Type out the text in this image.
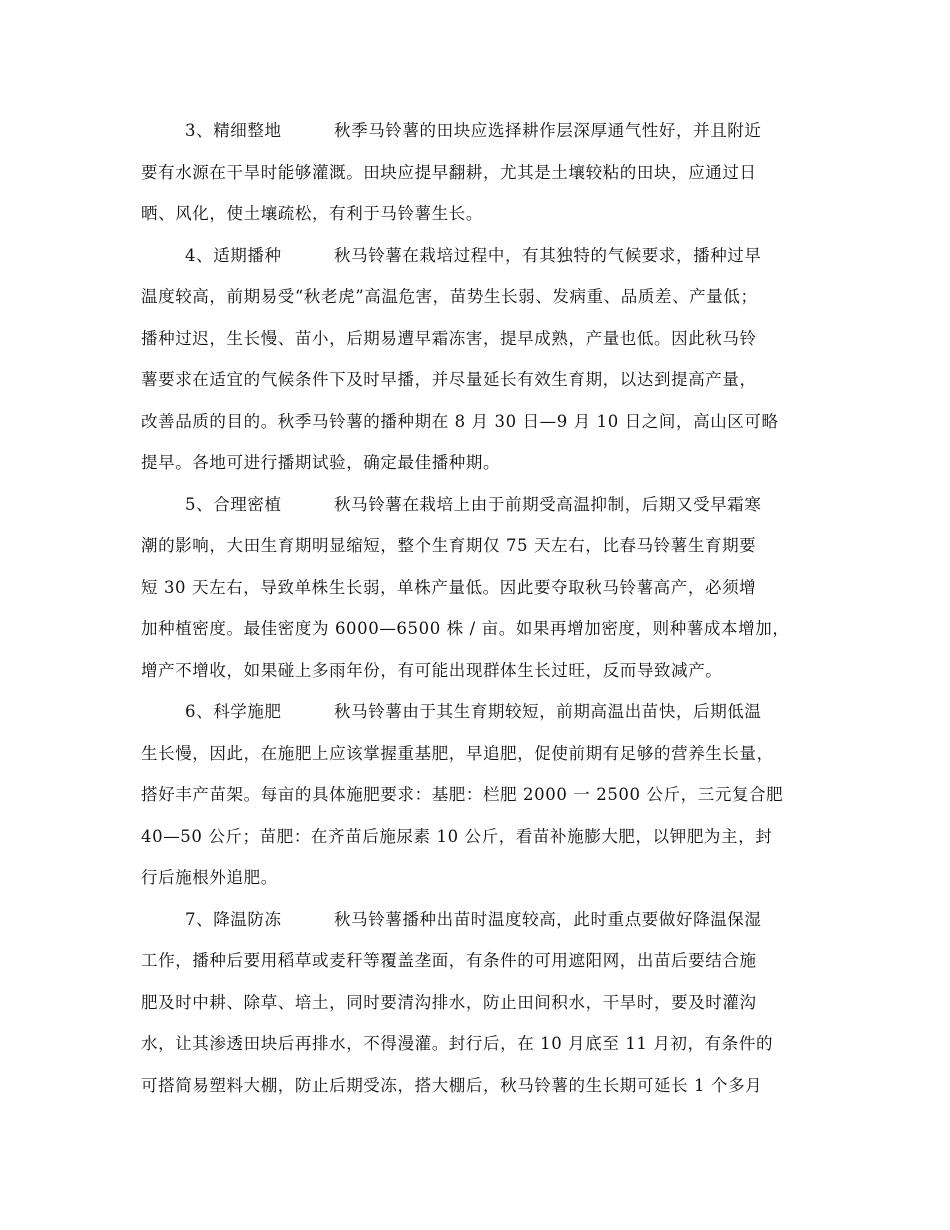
3、精细整地	秋季马铃薯的田块应选择耕作层深厚通气性好，并且附近
要有水源在干旱时能够灌溉。田块应提早翻耕，尤其是土壤较粘的田块，应通过日
晒、风化，使土壤疏松，有利于马铃薯生长。
4、适期播种	秋马铃薯在栽培过程中，有其独特的气候要求，播种过早
温度较高，前期易受“秋老虎”高温危害，苗势生长弱、发病重、品质差、产量低；
播种过迟，生长慢、苗小，后期易遭早霜冻害，提早成熟，产量也低。因此秋马铃
薯要求在适宜的气候条件下及时早播，并尽量延长有效生育期，以达到提高产量，
改善品质的目的。秋季马铃薯的播种期在 8 月 30 日—9 月 10 日之间，高山区可略
提早。各地可进行播期试验，确定最佳播种期。
5、合理密植	秋马铃薯在栽培上由于前期受高温抑制，后期又受早霜寒
潮的影响，大田生育期明显缩短，整个生育期仅 75 天左右，比春马铃薯生育期要
短 30 天左右，导致单株生长弱，单株产量低。因此要夺取秋马铃薯高产，必须增
加种植密度。最佳密度为 6000—6500 株 / 亩。如果再增加密度，则种薯成本增加，
增产不增收，如果碰上多雨年份，有可能出现群体生长过旺，反而导致减产。
6、科学施肥	秋马铃薯由于其生育期较短，前期高温出苗快，后期低温
生长慢，因此，在施肥上应该掌握重基肥，早追肥，促使前期有足够的营养生长量，
搭好丰产苗架。每亩的具体施肥要求：基肥：栏肥 2000 一 2500 公斤，三元复合肥
40—50 公斤；苗肥：在齐苗后施尿素 10 公斤，看苗补施膨大肥，以钾肥为主，封
行后施根外追肥。
7、降温防冻	秋马铃薯播种出苗时温度较高，此时重点要做好降温保湿
工作，播种后要用稻草或麦秆等覆盖垄面，有条件的可用遮阳网，出苗后要结合施
肥及时中耕、除草、培土，同时要清沟排水，防止田间积水，干旱时，要及时灌沟
水，让其渗透田块后再排水，不得漫灌。封行后，在 10 月底至 11 月初，有条件的
可搭简易塑料大棚，防止后期受冻，搭大棚后，秋马铃薯的生长期可延长 1 个多月
